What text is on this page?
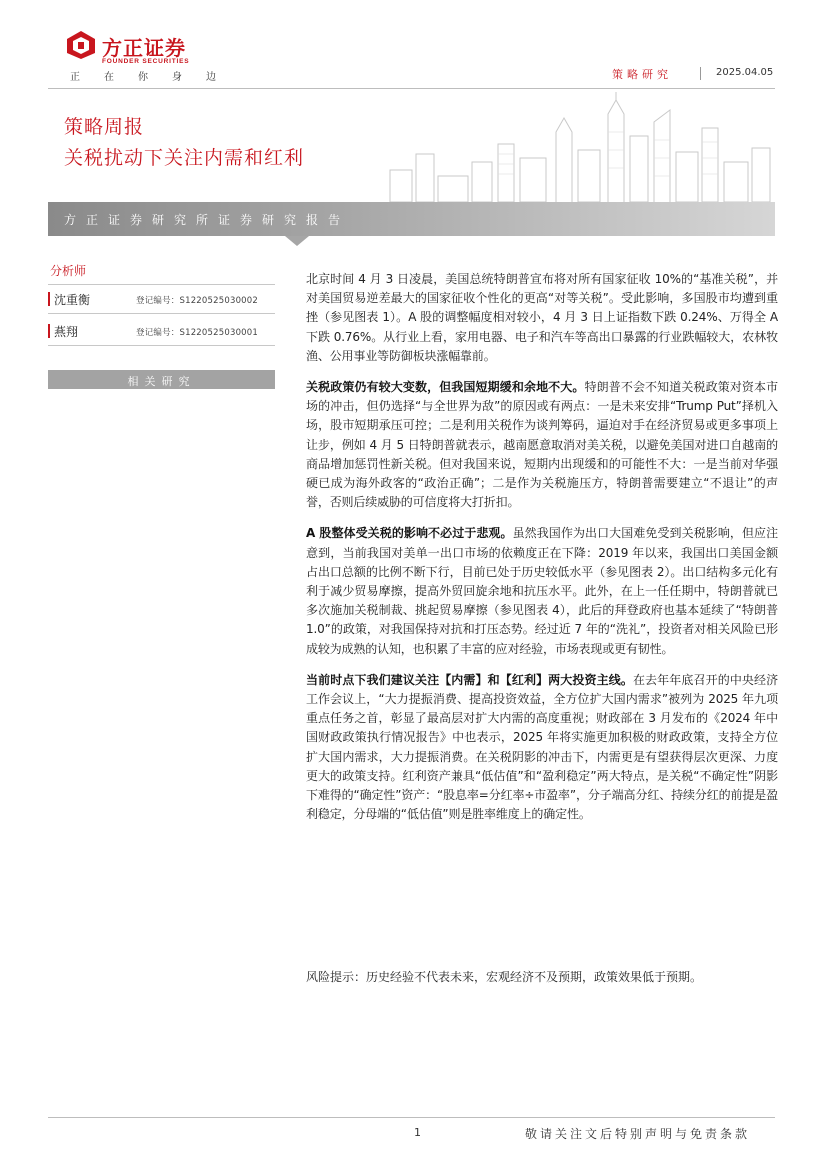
方正证券
FOUNDER SECURITIES
正在你身边	策略研究	2025.04.05
策略周报
关税扰动下关注内需和红利
方正证券研究所证券研究报告
分析师
沈重衡	登记编号：S1220525030002
燕翔	登记编号：S1220525030001
相关研究

北京时间 4 月 3 日凌晨，美国总统特朗普宣布将对所有国家征收 10%的“基准关税”，并对美国贸易逆差最大的国家征收个性化的更高“对等关税”。受此影响，多国股市均遭到重挫（参见图表 1）。A 股的调整幅度相对较小，4 月 3 日上证指数下跌 0.24%、万得全 A 下跌 0.76%。从行业上看，家用电器、电子和汽车等高出口暴露的行业跌幅较大，农林牧渔、公用事业等防御板块涨幅靠前。

关税政策仍有较大变数，但我国短期缓和余地不大。特朗普不会不知道关税政策对资本市场的冲击，但仍选择“与全世界为敌”的原因或有两点：一是未来安排“Trump Put”择机入场，股市短期承压可控；二是利用关税作为谈判筹码，逼迫对手在经济贸易或更多事项上让步，例如 4 月 5 日特朗普就表示，越南愿意取消对美关税，以避免美国对进口自越南的商品增加惩罚性新关税。但对我国来说，短期内出现缓和的可能性不大：一是当前对华强硬已成为海外政客的“政治正确”；二是作为关税施压方，特朗普需要建立“不退让”的声誉，否则后续威胁的可信度将大打折扣。

A 股整体受关税的影响不必过于悲观。虽然我国作为出口大国难免受到关税影响，但应注意到，当前我国对美单一出口市场的依赖度正在下降：2019 年以来，我国出口美国金额占出口总额的比例不断下行，目前已处于历史较低水平（参见图表 2）。出口结构多元化有利于减少贸易摩擦，提高外贸回旋余地和抗压水平。此外，在上一任任期中，特朗普就已多次施加关税制裁、挑起贸易摩擦（参见图表 4），此后的拜登政府也基本延续了“特朗普 1.0”的政策，对我国保持对抗和打压态势。经过近 7 年的“洗礼”，投资者对相关风险已形成较为成熟的认知，也积累了丰富的应对经验，市场表现或更有韧性。

当前时点下我们建议关注【内需】和【红利】两大投资主线。在去年年底召开的中央经济工作会议上，“大力提振消费、提高投资效益，全方位扩大国内需求”被列为 2025 年九项重点任务之首，彰显了最高层对扩大内需的高度重视；财政部在 3 月发布的《2024 年中国财政政策执行情况报告》中也表示，2025 年将实施更加积极的财政政策，支持全方位扩大国内需求，大力提振消费。在关税阴影的冲击下，内需更是有望获得层次更深、力度更大的政策支持。红利资产兼具“低估值”和“盈利稳定”两大特点，是关税“不确定性”阴影下难得的“确定性”资产：“股息率=分红率÷市盈率”，分子端高分红、持续分红的前提是盈利稳定，分母端的“低估值”则是胜率维度上的确定性。

风险提示：历史经验不代表未来，宏观经济不及预期，政策效果低于预期。
1	敬请关注文后特别声明与免责条款
